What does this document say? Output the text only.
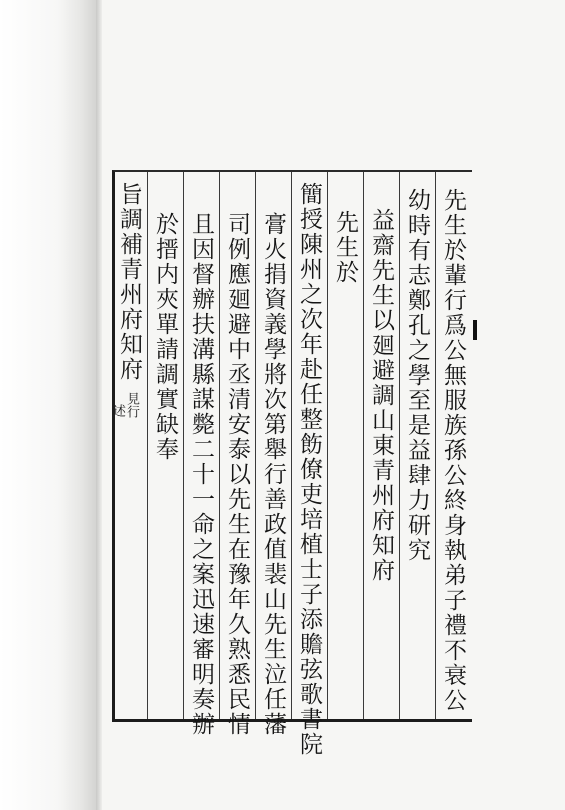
先生於輩行爲公無服族孫公終身執弟子禮不衰公
幼時有志鄭孔之學至是益肆力研究
益齋先生以廻避調山東青州府知府
先生於
簡授陳州之次年赴任整飭僚吏培植士子添贍弦歌書院
膏火捐資義學將次第舉行善政值裴山先生泣任藩
司例應廻避中丞清安泰以先生在豫年久熟悉民情
且因督辦扶溝縣謀斃二十一命之案迅速審明奏辦
於搢内夾單請調實缺奉
旨調補青州府知府
見行
述
